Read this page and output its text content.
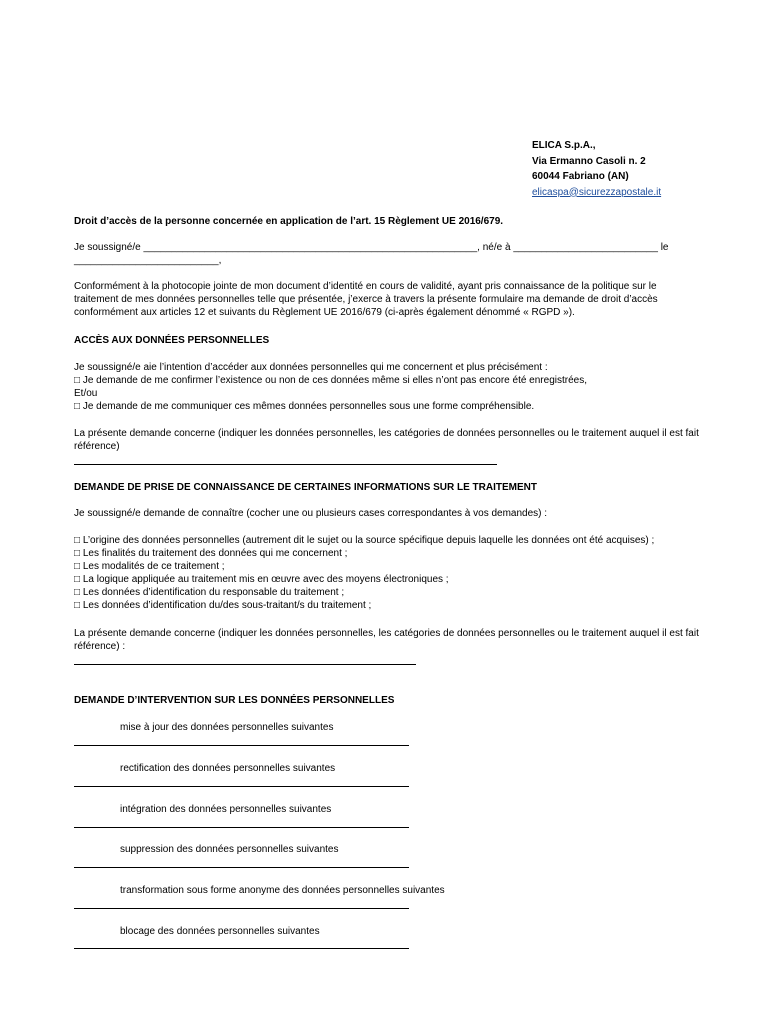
ELICA S.p.A.,
Via Ermanno Casoli n. 2
60044 Fabriano (AN)
elicaspa@sicurezzapostale.it
Droit d’accès de la personne concernée en application de l’art. 15 Règlement UE 2016/679.
Je soussigné/e ____________________________________________________________, né/e à __________________________ le
__________________________,
Conformément à la photocopie jointe de mon document d’identité en cours de validité, ayant pris connaissance de la politique sur le traitement de mes données personnelles telle que présentée, j’exerce à travers la présente formulaire ma demande de droit d’accès conformément aux articles 12 et suivants du Règlement UE 2016/679 (ci-après également dénommé « RGPD »).
ACCÈS AUX DONNÉES PERSONNELLES
Je soussigné/e aie l’intention d’accéder aux données personnelles qui me concernent et plus précisément :
□ Je demande de me confirmer l’existence ou non de ces données même si elles n’ont pas encore été enregistrées,
Et/ou
□ Je demande de me communiquer ces mêmes données personnelles sous une forme compréhensible.
La présente demande concerne (indiquer les données personnelles, les catégories de données personnelles ou le traitement auquel il est fait référence)
DEMANDE DE PRISE DE CONNAISSANCE DE CERTAINES INFORMATIONS SUR LE TRAITEMENT
Je soussigné/e demande de connaître (cocher une ou plusieurs cases correspondantes à vos demandes) :
□ L’origine des données personnelles (autrement dit le sujet ou la source spécifique depuis laquelle les données ont été acquises) ;
□ Les finalités du traitement des données qui me concernent ;
□ Les modalités de ce traitement ;
□ La logique appliquée au traitement mis en œuvre avec des moyens électroniques ;
□ Les données d’identification du responsable du traitement ;
□ Les données d’identification du/des sous-traitant/s du traitement ;
La présente demande concerne (indiquer les données personnelles, les catégories de données personnelles ou le traitement auquel il est fait référence) :
DEMANDE D’INTERVENTION SUR LES DONNÉES PERSONNELLES
mise à jour des données personnelles suivantes
rectification des données personnelles suivantes
intégration des données personnelles suivantes
suppression des données personnelles suivantes
transformation sous forme anonyme des données personnelles suivantes
blocage des données personnelles suivantes
